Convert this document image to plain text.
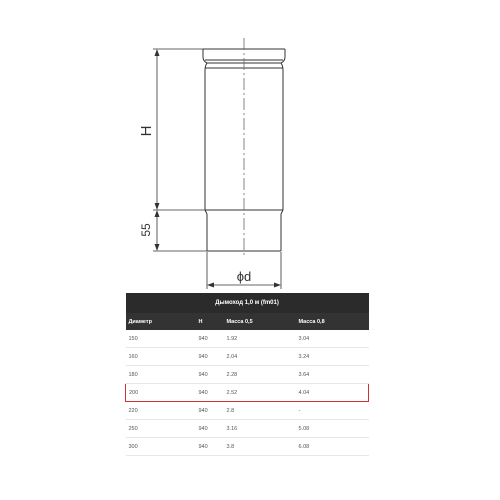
H
55
ϕd
Дымоход 1,0 м (fm01)			
Диаметр	H	Масса 0,5	Масса 0,8
150	940	1.92	3.04
160	940	2.04	3.24
180	940	2.28	3.64
200	940	2.52	4.04
220	940	2.8	-
250	940	3.16	5.08
300	940	3.8	6.08
